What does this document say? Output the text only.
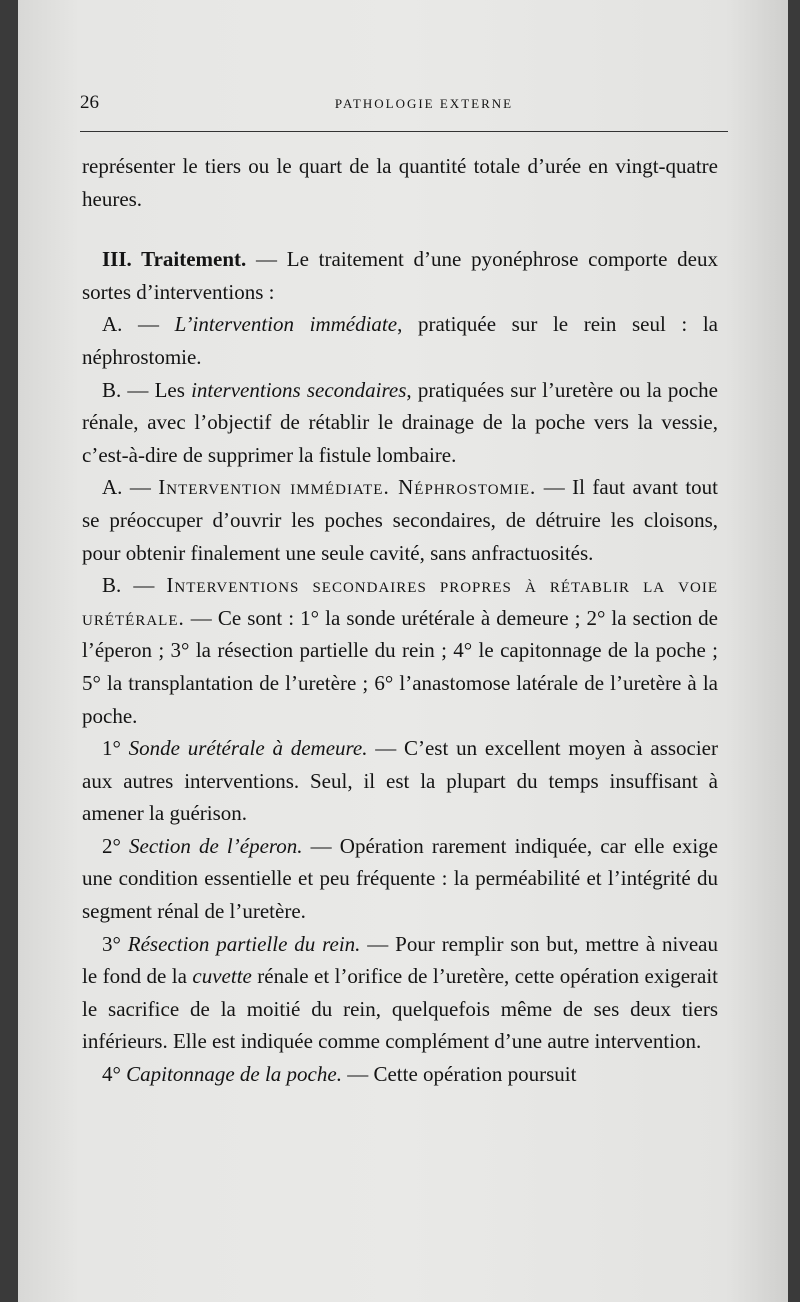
26	PATHOLOGIE EXTERNE

représenter le tiers ou le quart de la quantité totale d’urée en vingt-quatre heures.

III. Traitement. — Le traitement d’une pyonéphrose comporte deux sortes d’interventions :

A. — L’intervention immédiate, pratiquée sur le rein seul : la néphrostomie.

B. — Les interventions secondaires, pratiquées sur l’uretère ou la poche rénale, avec l’objectif de rétablir le drainage de la poche vers la vessie, c’est-à-dire de supprimer la fistule lombaire.

A. — Intervention immédiate. Néphrostomie. — Il faut avant tout se préoccuper d’ouvrir les poches secondaires, de détruire les cloisons, pour obtenir finalement une seule cavité, sans anfractuosités.

B. — Interventions secondaires propres à rétablir la voie urétérale. — Ce sont : 1° la sonde urétérale à demeure ; 2° la section de l’éperon ; 3° la résection partielle du rein ; 4° le capitonnage de la poche ; 5° la transplantation de l’uretère ; 6° l’anastomose latérale de l’uretère à la poche.

1° Sonde urétérale à demeure. — C’est un excellent moyen à associer aux autres interventions. Seul, il est la plupart du temps insuffisant à amener la guérison.

2° Section de l’éperon. — Opération rarement indiquée, car elle exige une condition essentielle et peu fréquente : la perméabilité et l’intégrité du segment rénal de l’uretère.

3° Résection partielle du rein. — Pour remplir son but, mettre à niveau le fond de la cuvette rénale et l’orifice de l’uretère, cette opération exigerait le sacrifice de la moitié du rein, quelquefois même de ses deux tiers inférieurs. Elle est indiquée comme complément d’une autre intervention.

4° Capitonnage de la poche. — Cette opération poursuit
